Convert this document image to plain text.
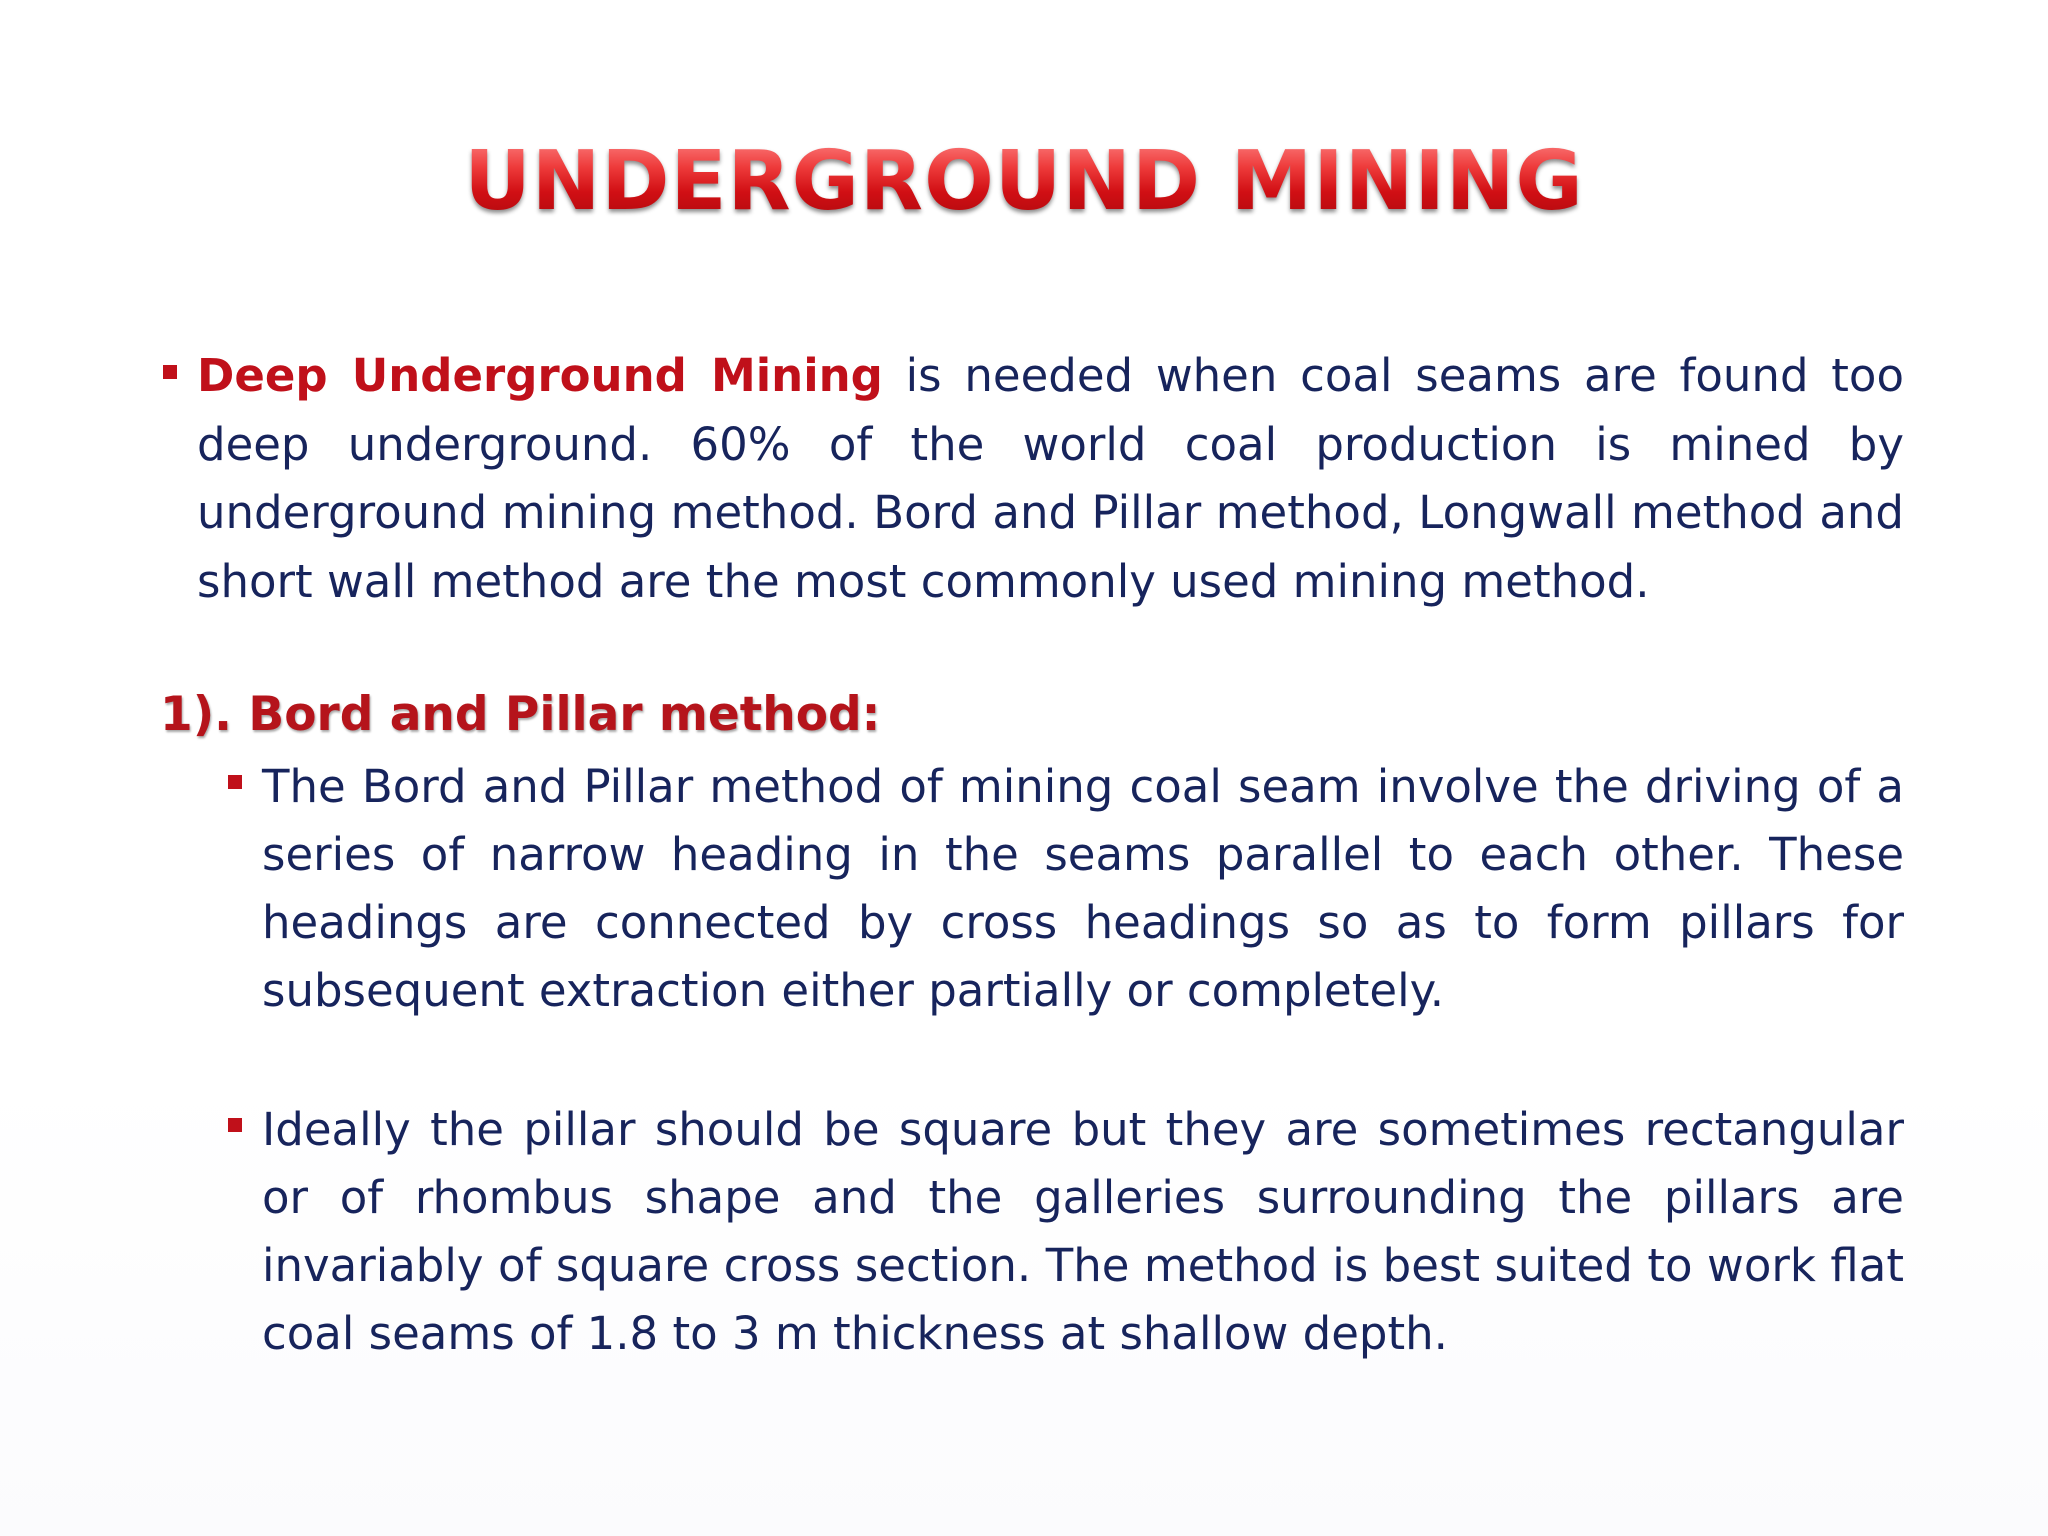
UNDERGROUND MINING

Deep Underground Mining is needed when coal seams are found too deep underground. 60% of the world coal production is mined by underground mining method. Bord and Pillar method, Longwall method and short wall method are the most commonly used mining method.

1). Bord and Pillar method:

The Bord and Pillar method of mining coal seam involve the driving of a series of narrow heading in the seams parallel to each other. These headings are connected by cross headings so as to form pillars for subsequent extraction either partially or completely.

Ideally the pillar should be square but they are sometimes rectangular or of rhombus shape and the galleries surrounding the pillars are invariably of square cross section. The method is best suited to work flat coal seams of 1.8 to 3 m thickness at shallow depth.
